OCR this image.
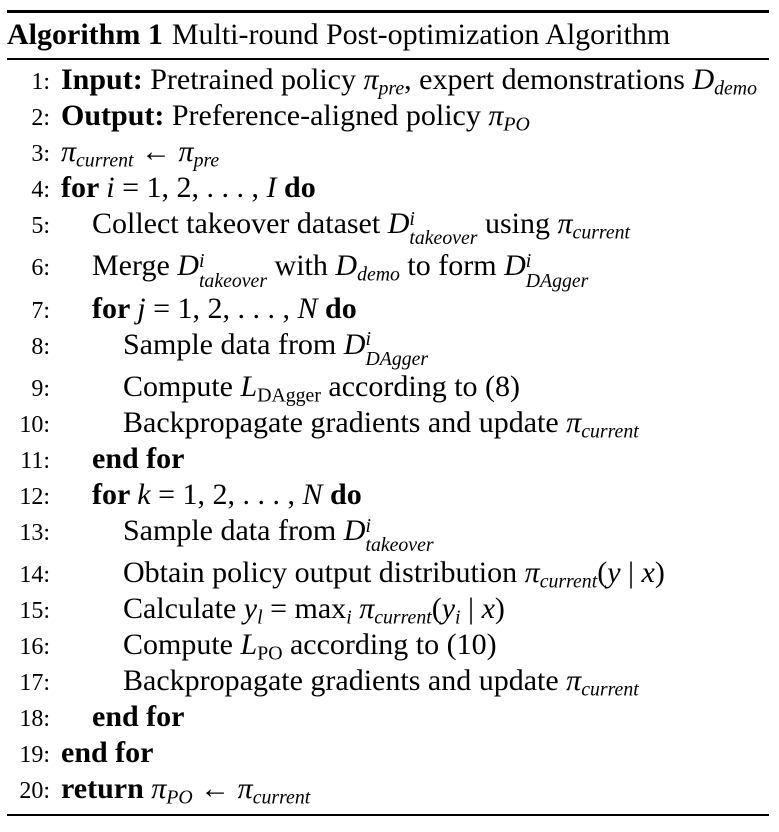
Algorithm 1 Multi-round Post-optimization Algorithm
1: Input: Pretrained policy πpre, expert demonstrations Ddemo
2: Output: Preference-aligned policy πPO
3: πcurrent ← πpre
4: for i = 1, 2, . . . , I do
5:	Collect takeover dataset D i
takeover using πcurrent
6:	Merge D i
takeover with Ddemo to form D i
DAgger
7:	for j = 1, 2, . . . , N do
8:	Sample data from D i
DAgger
9:	Compute LDAgger according to (8)
10:	Backpropagate gradients and update πcurrent
11:	end for
12:	for k = 1, 2, . . . , N do
13:	Sample data from D i
takeover
14:	Obtain policy output distribution πcurrent(y | x)
15:	Calculate yl = maxi πcurrent(yi | x)
16:	Compute LPO according to (10)
17:	Backpropagate gradients and update πcurrent
18:	end for
19: end for
20: return πPO ← πcurrent
